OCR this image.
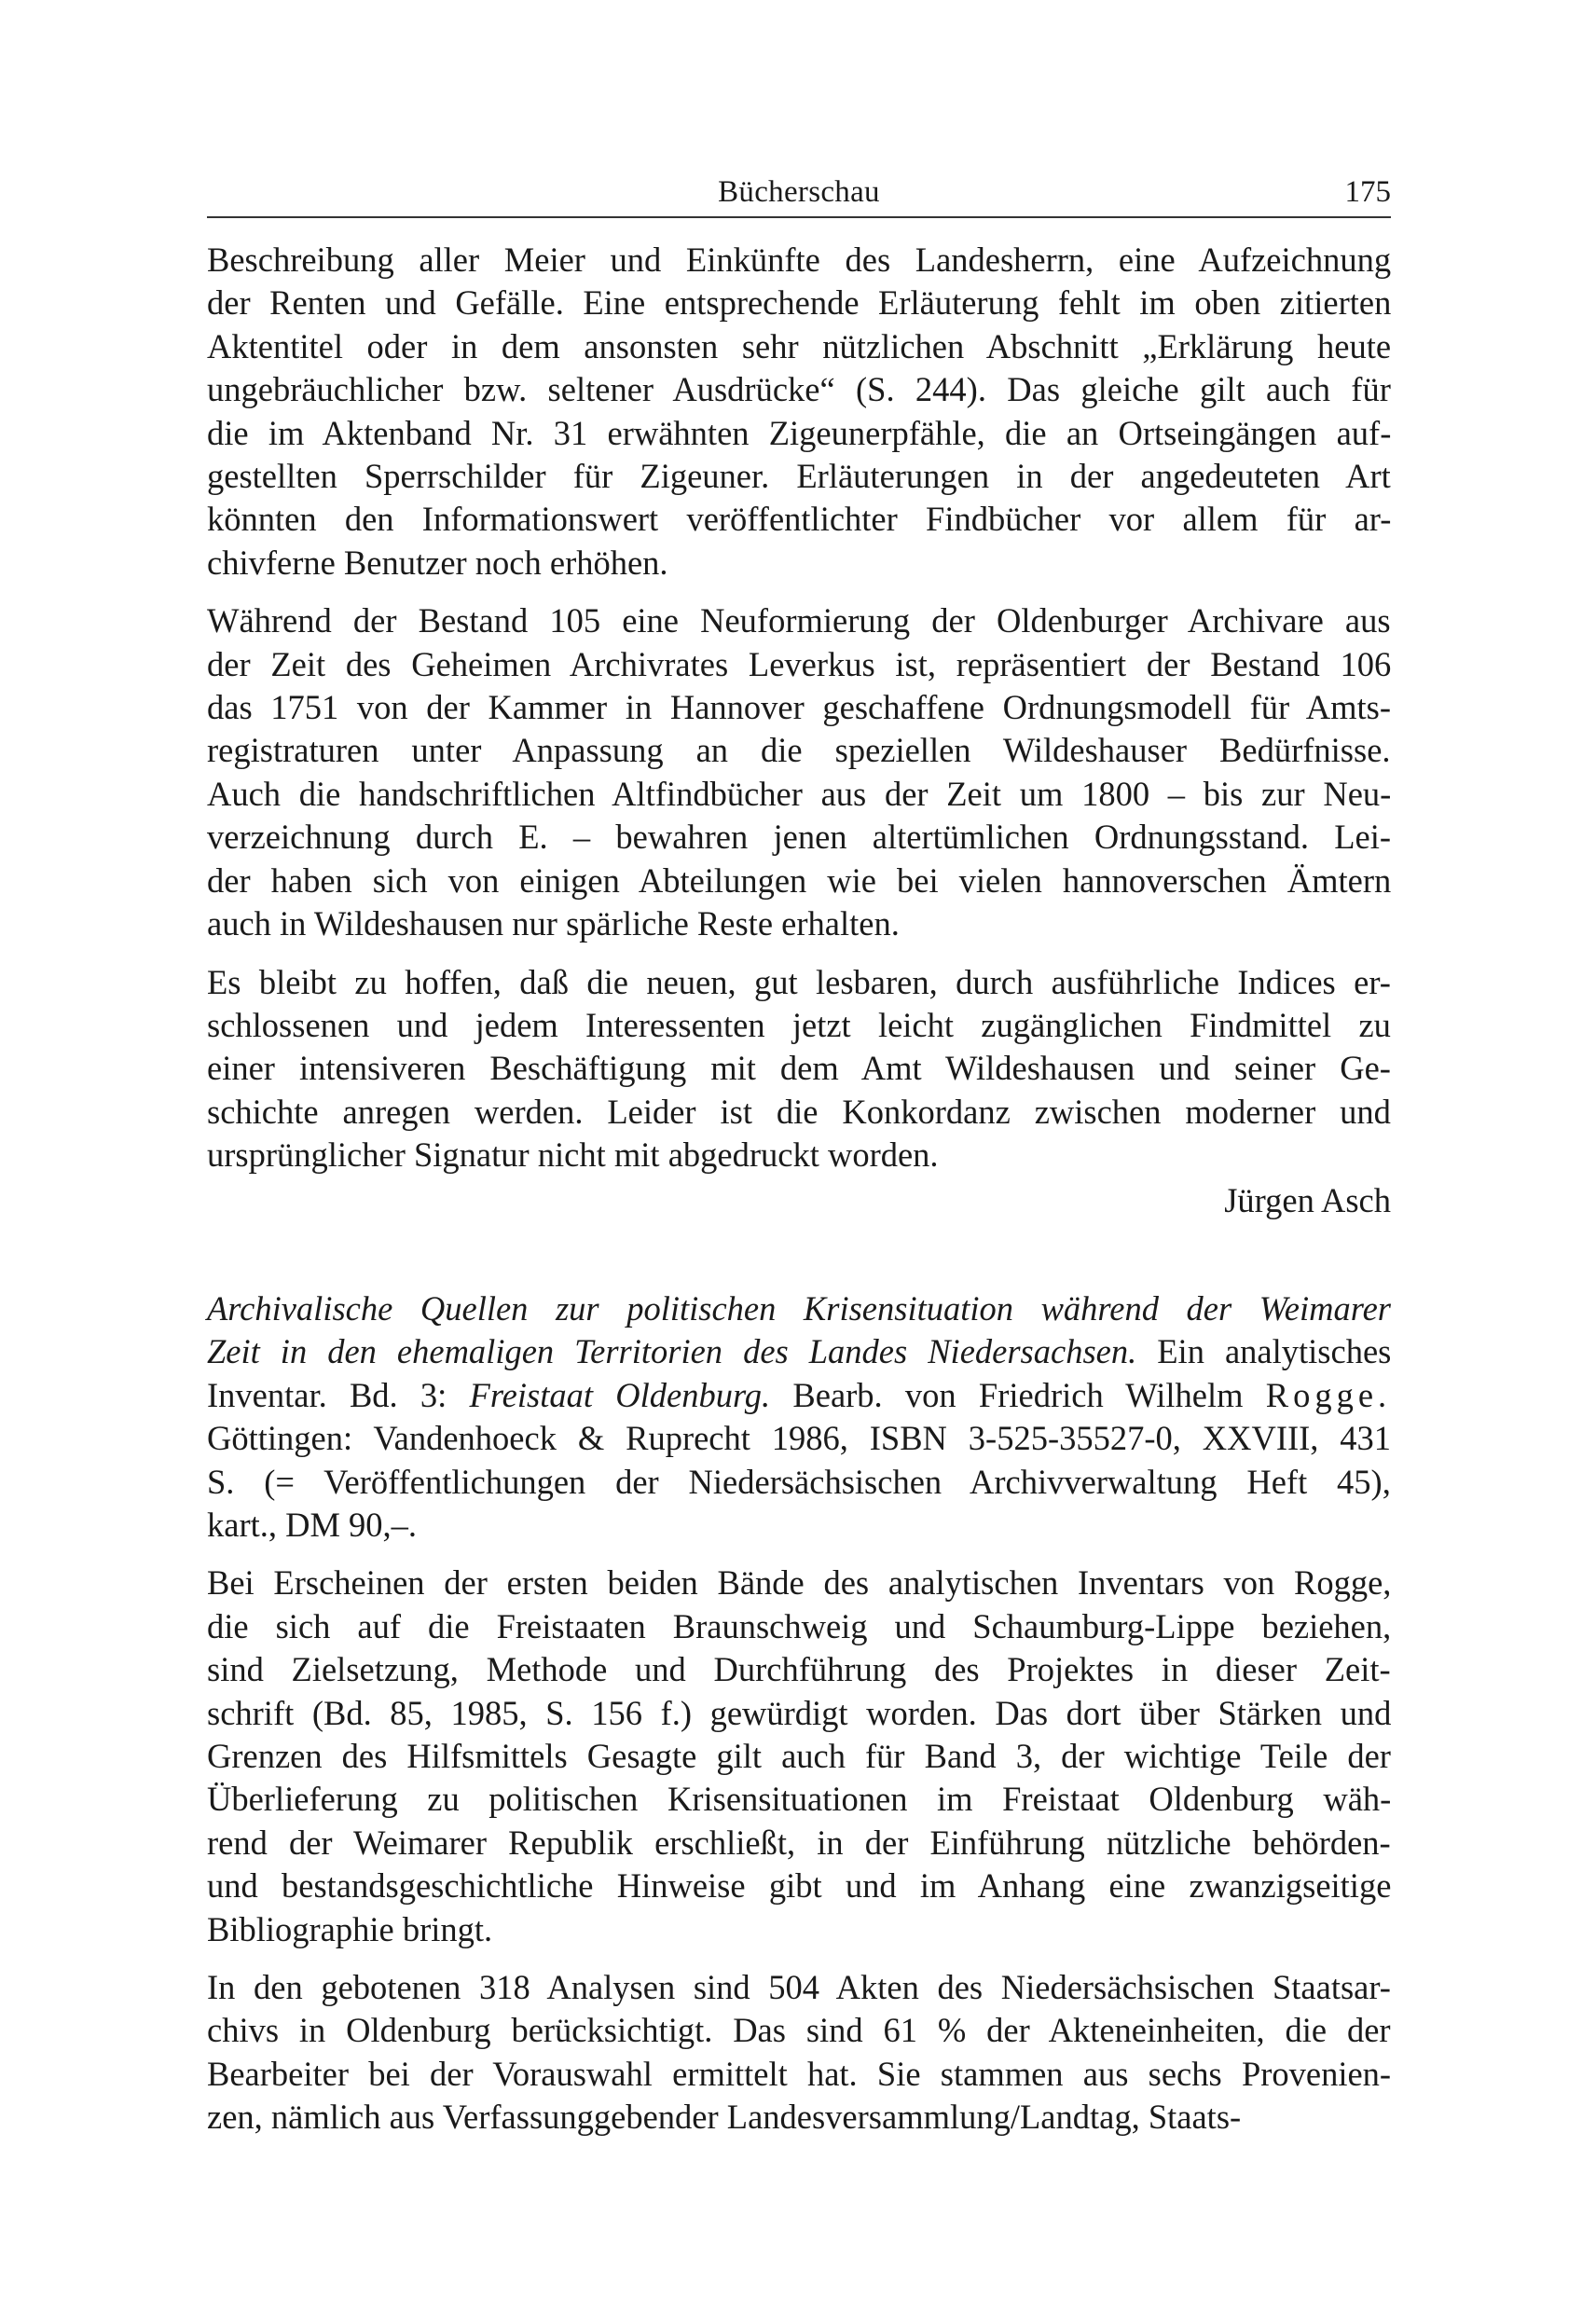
Bücherschau	175

Beschreibung aller Meier und Einkünfte des Landesherrn, eine Aufzeichnung
der Renten und Gefälle. Eine entsprechende Erläuterung fehlt im oben zitierten
Aktentitel oder in dem ansonsten sehr nützlichen Abschnitt „Erklärung heute
ungebräuchlicher bzw. seltener Ausdrücke“ (S. 244). Das gleiche gilt auch für
die im Aktenband Nr. 31 erwähnten Zigeunerpfähle, die an Ortseingängen auf-
gestellten Sperrschilder für Zigeuner. Erläuterungen in der angedeuteten Art
könnten den Informationswert veröffentlichter Findbücher vor allem für ar-
chivferne Benutzer noch erhöhen.

Während der Bestand 105 eine Neuformierung der Oldenburger Archivare aus
der Zeit des Geheimen Archivrates Leverkus ist, repräsentiert der Bestand 106
das 1751 von der Kammer in Hannover geschaffene Ordnungsmodell für Amts-
registraturen unter Anpassung an die speziellen Wildeshauser Bedürfnisse.
Auch die handschriftlichen Altfindbücher aus der Zeit um 1800 – bis zur Neu-
verzeichnung durch E. – bewahren jenen altertümlichen Ordnungsstand. Lei-
der haben sich von einigen Abteilungen wie bei vielen hannoverschen Ämtern
auch in Wildeshausen nur spärliche Reste erhalten.

Es bleibt zu hoffen, daß die neuen, gut lesbaren, durch ausführliche Indices er-
schlossenen und jedem Interessenten jetzt leicht zugänglichen Findmittel zu
einer intensiveren Beschäftigung mit dem Amt Wildeshausen und seiner Ge-
schichte anregen werden. Leider ist die Konkordanz zwischen moderner und
ursprünglicher Signatur nicht mit abgedruckt worden.

Jürgen Asch

Archivalische Quellen zur politischen Krisensituation während der Weimarer
Zeit in den ehemaligen Territorien des Landes Niedersachsen. Ein analytisches
Inventar. Bd. 3: Freistaat Oldenburg. Bearb. von Friedrich Wilhelm Rogge.
Göttingen: Vandenhoeck & Ruprecht 1986, ISBN 3-525-35527-0, XXVIII, 431
S. (= Veröffentlichungen der Niedersächsischen Archivverwaltung Heft 45),
kart., DM 90,–.

Bei Erscheinen der ersten beiden Bände des analytischen Inventars von Rogge,
die sich auf die Freistaaten Braunschweig und Schaumburg-Lippe beziehen,
sind Zielsetzung, Methode und Durchführung des Projektes in dieser Zeit-
schrift (Bd. 85, 1985, S. 156 f.) gewürdigt worden. Das dort über Stärken und
Grenzen des Hilfsmittels Gesagte gilt auch für Band 3, der wichtige Teile der
Überlieferung zu politischen Krisensituationen im Freistaat Oldenburg wäh-
rend der Weimarer Republik erschließt, in der Einführung nützliche behörden-
und bestandsgeschichtliche Hinweise gibt und im Anhang eine zwanzigseitige
Bibliographie bringt.

In den gebotenen 318 Analysen sind 504 Akten des Niedersächsischen Staatsar-
chivs in Oldenburg berücksichtigt. Das sind 61 % der Akteneinheiten, die der
Bearbeiter bei der Vorauswahl ermittelt hat. Sie stammen aus sechs Provenien-
zen, nämlich aus Verfassunggebender Landesversammlung/Landtag, Staats-
